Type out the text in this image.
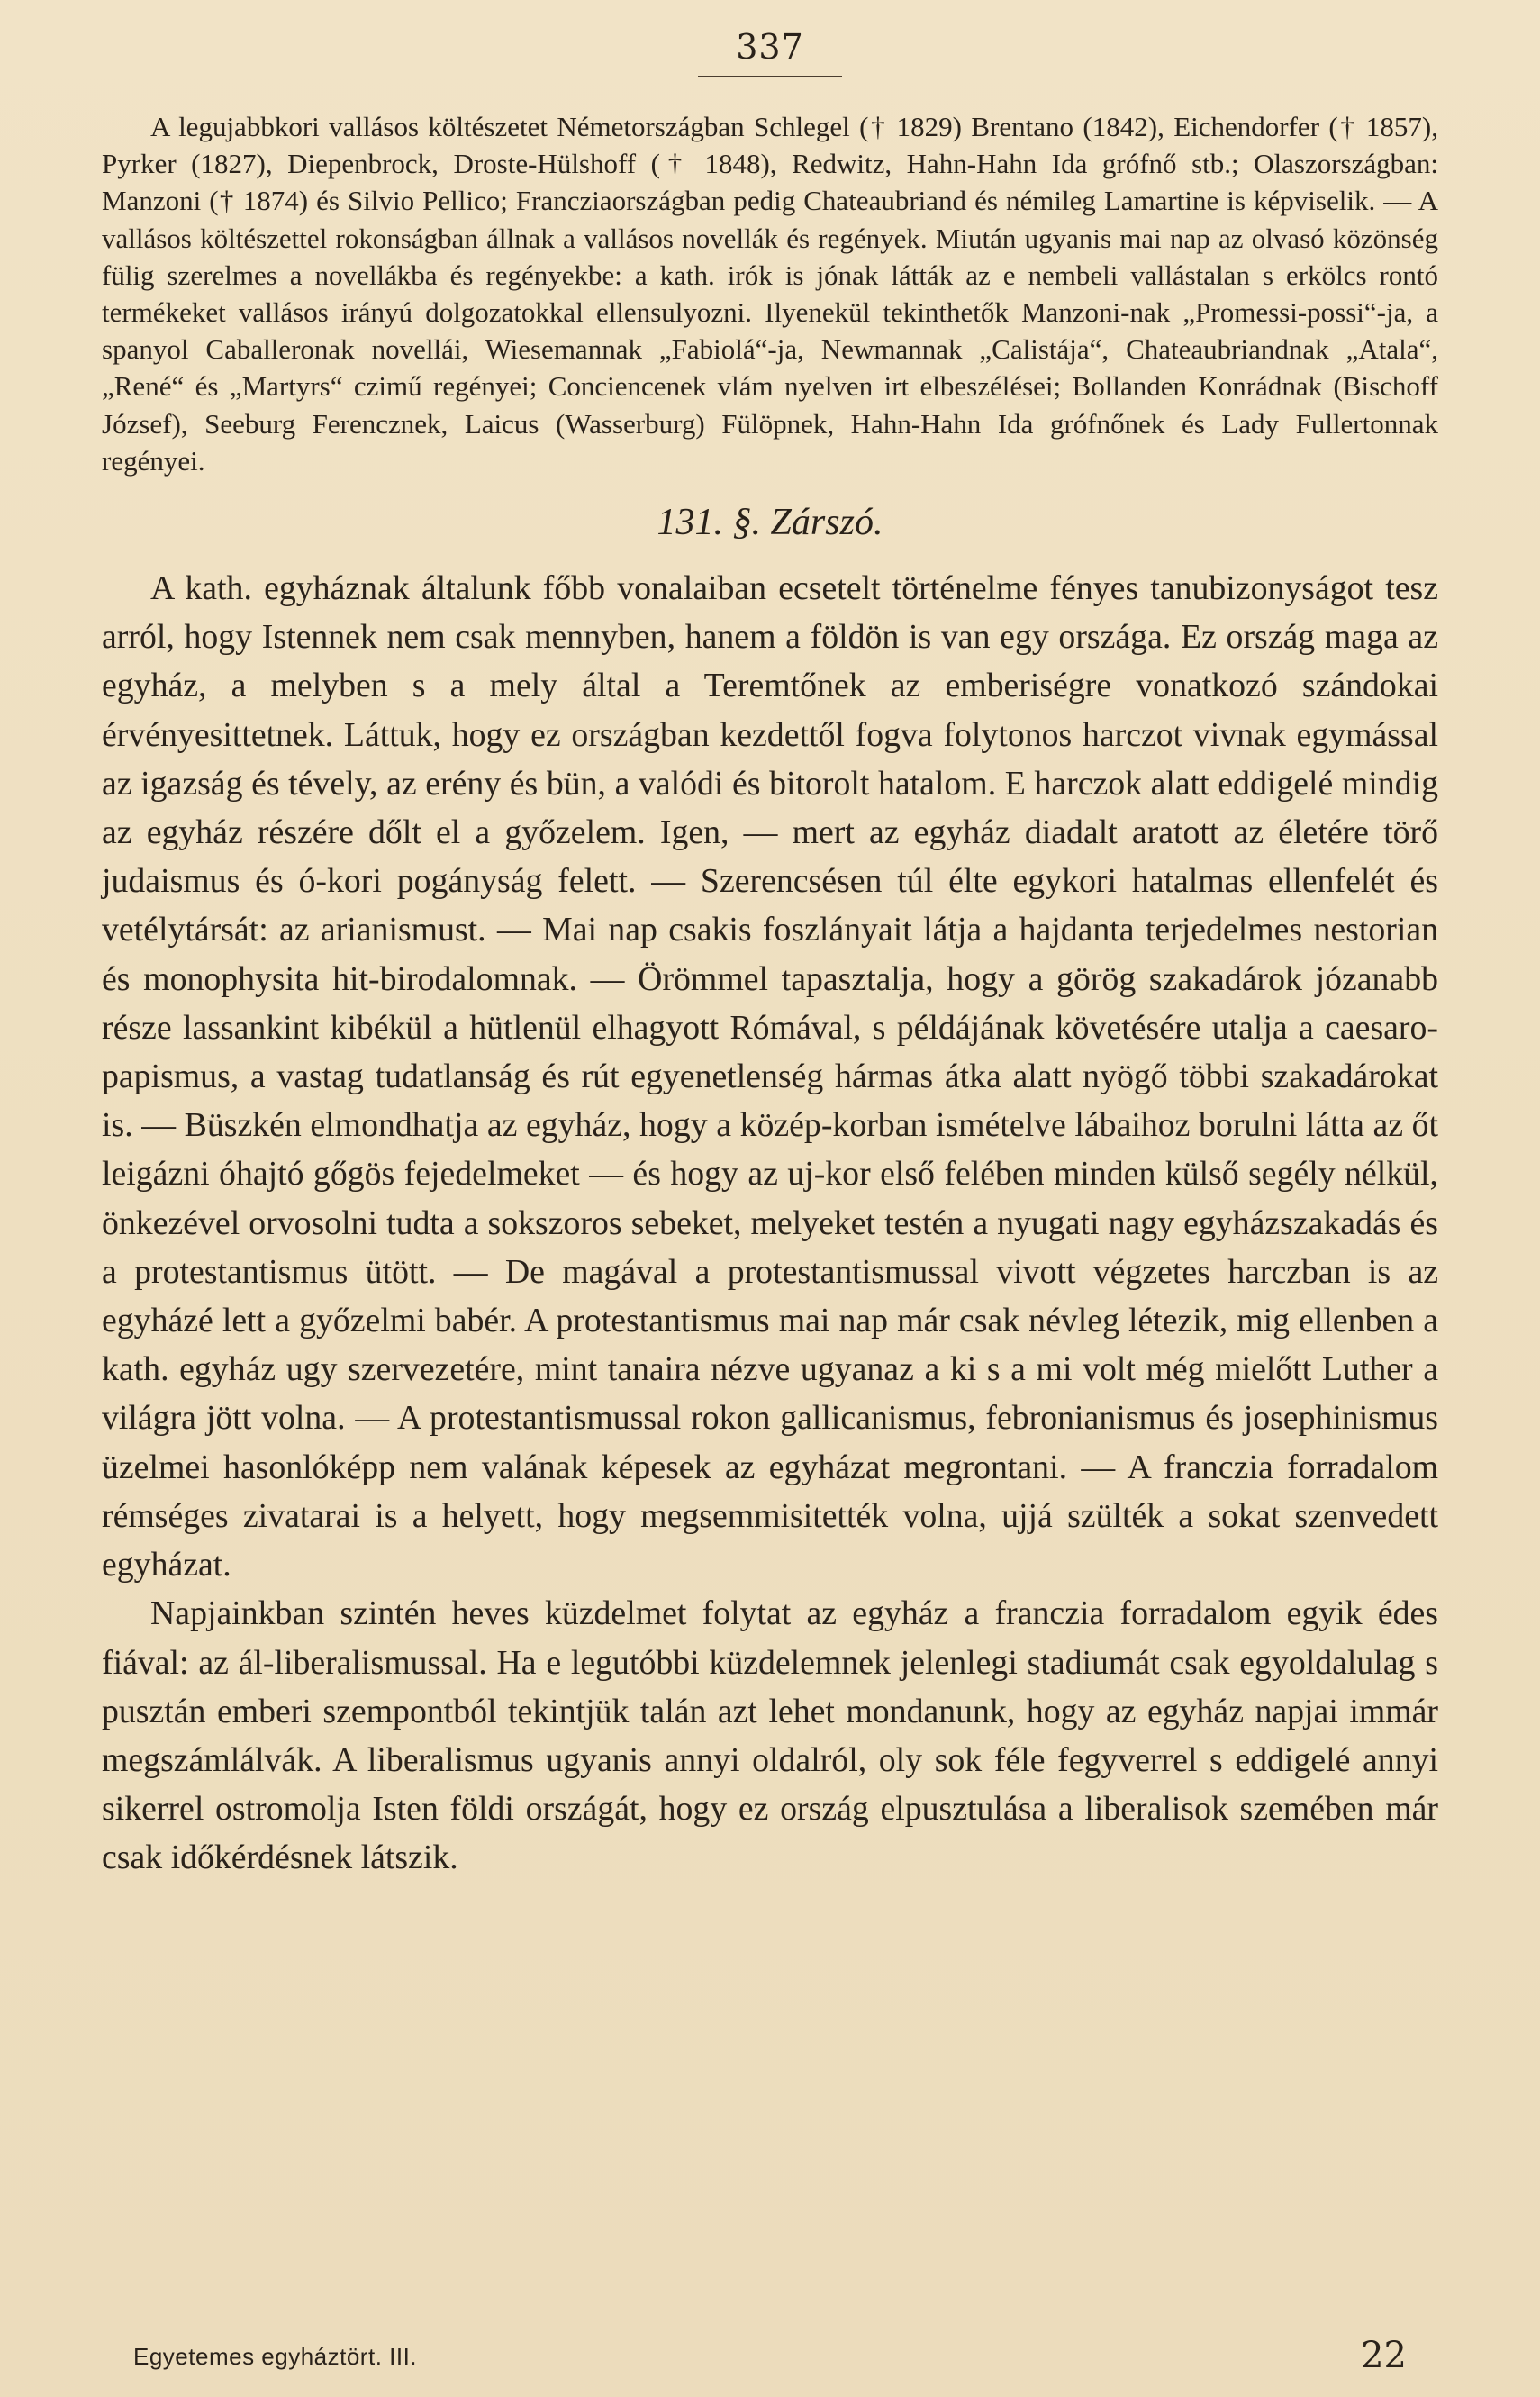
337

A legujabbkori vallásos költészetet Németországban Schlegel († 1829) Brentano (1842), Eichendorfer († 1857), Pyrker (1827), Diepenbrock, Droste-Hülshoff († 1848), Redwitz, Hahn-Hahn Ida grófnő stb.; Olaszországban: Manzoni († 1874) és Silvio Pellico; Francziaországban pedig Chateaubriand és némileg Lamartine is képviselik. — A vallásos költészettel rokonságban állnak a vallásos novellák és regények. Miután ugyanis mai nap az olvasó közönség fülig szerelmes a novellákba és regényekbe: a kath. irók is jónak látták az e nembeli vallástalan s erkölcs rontó termékeket vallásos irányú dolgozatokkal ellensulyozni. Ilyenekül tekinthetők Manzoni-nak „Promessi-possi“-ja, a spanyol Caballeronak novellái, Wiesemannak „Fabiolá“-ja, Newmannak „Calistája“, Chateaubriandnak „Atala“, „René“ és „Martyrs“ czimű regényei; Conciencenek vlám nyelven irt elbeszélései; Bollanden Konrádnak (Bischoff József), Seeburg Ferencznek, Laicus (Wasserburg) Fülöpnek, Hahn-Hahn Ida grófnőnek és Lady Fullertonnak regényei.

131. §. Zárszó.

A kath. egyháznak általunk főbb vonalaiban ecsetelt történelme fényes tanubizonyságot tesz arról, hogy Istennek nem csak mennyben, hanem a földön is van egy országa. Ez ország maga az egyház, a melyben s a mely által a Teremtőnek az emberiségre vonatkozó szándokai érvényesittetnek. Láttuk, hogy ez országban kezdettől fogva folytonos harczot vivnak egymással az igazság és tévely, az erény és bün, a valódi és bitorolt hatalom. E harczok alatt eddigelé mindig az egyház részére dőlt el a győzelem. Igen, — mert az egyház diadalt aratott az életére törő judaismus és ó-kori pogányság felett. — Szerencsésen túl élte egykori hatalmas ellenfelét és vetélytársát: az arianismust. — Mai nap csakis foszlányait látja a hajdanta terjedelmes nestorian és monophysita hit-birodalomnak. — Örömmel tapasztalja, hogy a görög szakadárok józanabb része lassankint kibékül a hütlenül elhagyott Rómával, s példájának követésére utalja a caesaro-papismus, a vastag tudatlanság és rút egyenetlenség hármas átka alatt nyögő többi szakadárokat is. — Büszkén elmondhatja az egyház, hogy a közép-korban ismételve lábaihoz borulni látta az őt leigázni óhajtó gőgös fejedelmeket — és hogy az uj-kor első felében minden külső segély nélkül, önkezével orvosolni tudta a sokszoros sebeket, melyeket testén a nyugati nagy egyházszakadás és a protestantismus ütött. — De magával a protestantismussal vivott végzetes harczban is az egyházé lett a győzelmi babér. A protestantismus mai nap már csak névleg létezik, mig ellenben a kath. egyház ugy szervezetére, mint tanaira nézve ugyanaz a ki s a mi volt még mielőtt Luther a világra jött volna. — A protestantismussal rokon gallicanismus, febronianismus és josephinismus üzelmei hasonlóképp nem valának képesek az egyházat megrontani. — A franczia forradalom rémséges zivatarai is a helyett, hogy megsemmisitették volna, ujjá szülték a sokat szenvedett egyházat.

Napjainkban szintén heves küzdelmet folytat az egyház a franczia forradalom egyik édes fiával: az ál-liberalismussal. Ha e legutóbbi küzdelemnek jelenlegi stadiumát csak egyoldalulag s pusztán emberi szempontból tekintjük talán azt lehet mondanunk, hogy az egyház napjai immár megszámlálvák. A liberalismus ugyanis annyi oldalról, oly sok féle fegyverrel s eddigelé annyi sikerrel ostromolja Isten földi országát, hogy ez ország elpusztulása a liberalisok szemében már csak időkérdésnek látszik.

Egyetemes egyháztört. III.	22
